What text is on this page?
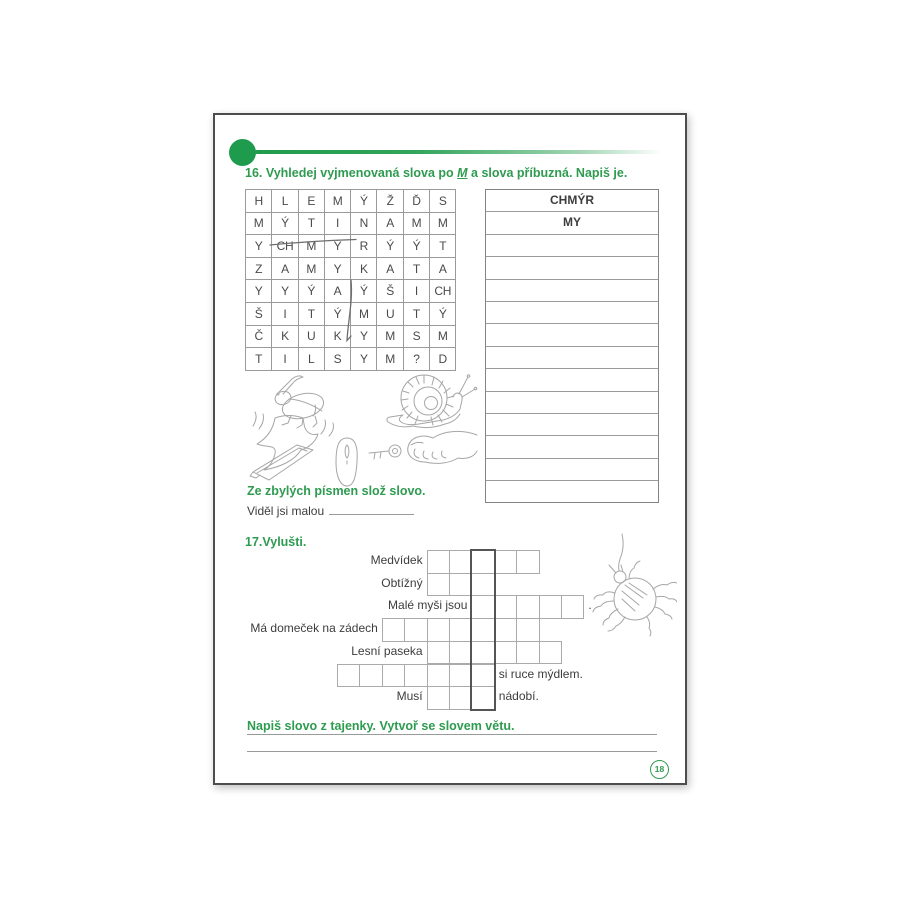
16. Vyhledej vyjmenovaná slova po M a slova příbuzná. Napiš je.
H	L	E	M	Ý	Ž	Ď	S
M	Ý	T	I	N	A	M	M
Y	CH	M	Ý	R	Ý	Ý	T
Z	A	M	Y	K	A	T	A
Y	Y	Ý	A	Ý	Š	I	CH
Š	I	T	Ý	M	U	T	Ý
Č	K	U	K	Y	M	S	M
T	I	L	S	Y	M	?	D
CHMÝR
MY
Ze zbylých písmen slož slovo.
Viděl jsi malou
17.Vylušti.
Medvídek
Obtížný
Malé myši jsou	.
Má domeček na zádech
Lesní paseka
si ruce mýdlem.
Musí	nádobí.
Napiš slovo z tajenky. Vytvoř se slovem větu.
18
